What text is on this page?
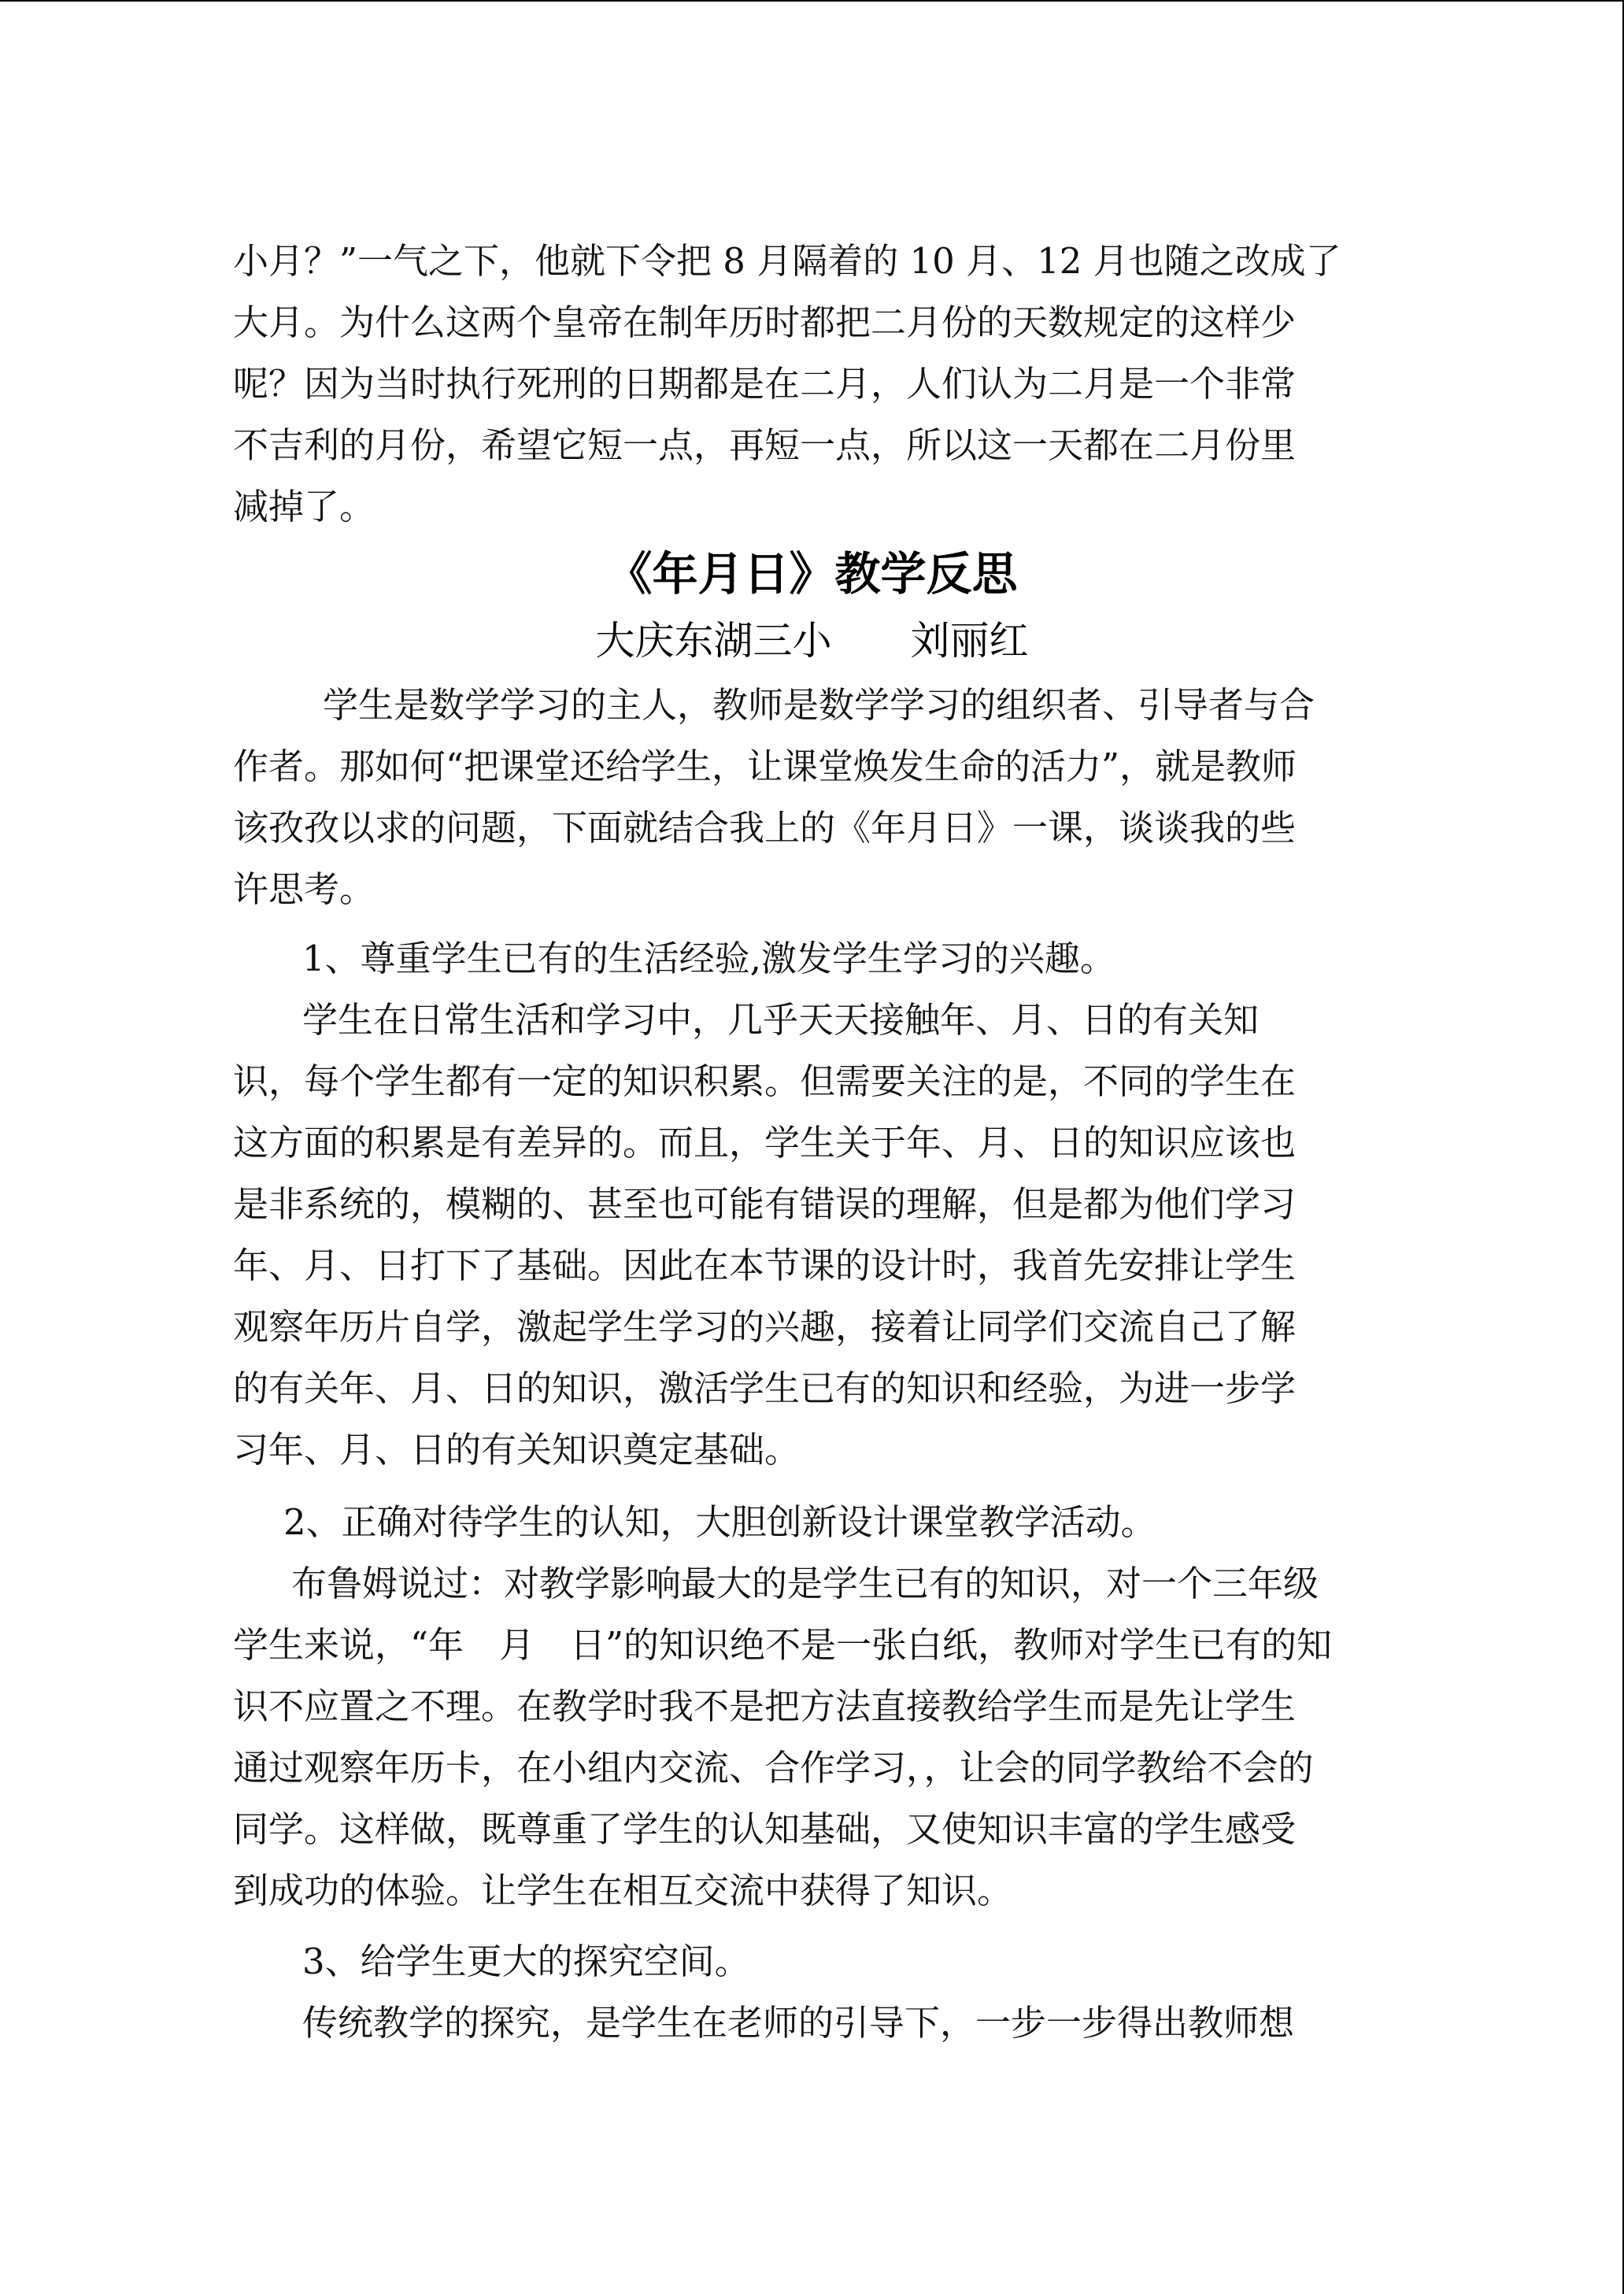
小月？”一气之下，他就下令把 8 月隔着的 10 月、12 月也随之改成了
大月。为什么这两个皇帝在制年历时都把二月份的天数规定的这样少
呢？因为当时执行死刑的日期都是在二月，人们认为二月是一个非常
不吉利的月份，希望它短一点，再短一点，所以这一天都在二月份里
减掉了。
《年月日》教学反思
大庆东湖三小　　刘丽红
学生是数学学习的主人，教师是数学学习的组织者、引导者与合
作者。那如何“把课堂还给学生，让课堂焕发生命的活力”，就是教师
该孜孜以求的问题，下面就结合我上的《年月日》一课，谈谈我的些
许思考。
1、尊重学生已有的生活经验,激发学生学习的兴趣。
学生在日常生活和学习中，几乎天天接触年、月、日的有关知
识，每个学生都有一定的知识积累。但需要关注的是，不同的学生在
这方面的积累是有差异的。而且，学生关于年、月、日的知识应该也
是非系统的，模糊的、甚至也可能有错误的理解，但是都为他们学习
年、月、日打下了基础。因此在本节课的设计时，我首先安排让学生
观察年历片自学，激起学生学习的兴趣，接着让同学们交流自己了解
的有关年、月、日的知识，激活学生已有的知识和经验，为进一步学
习年、月、日的有关知识奠定基础。
2、正确对待学生的认知，大胆创新设计课堂教学活动。
布鲁姆说过：对教学影响最大的是学生已有的知识，对一个三年级
学生来说，“年　月　日”的知识绝不是一张白纸，教师对学生已有的知
识不应置之不理。在教学时我不是把方法直接教给学生而是先让学生
通过观察年历卡，在小组内交流、合作学习，，让会的同学教给不会的
同学。这样做，既尊重了学生的认知基础，又使知识丰富的学生感受
到成功的体验。让学生在相互交流中获得了知识。
3、给学生更大的探究空间。
传统教学的探究，是学生在老师的引导下，一步一步得出教师想
